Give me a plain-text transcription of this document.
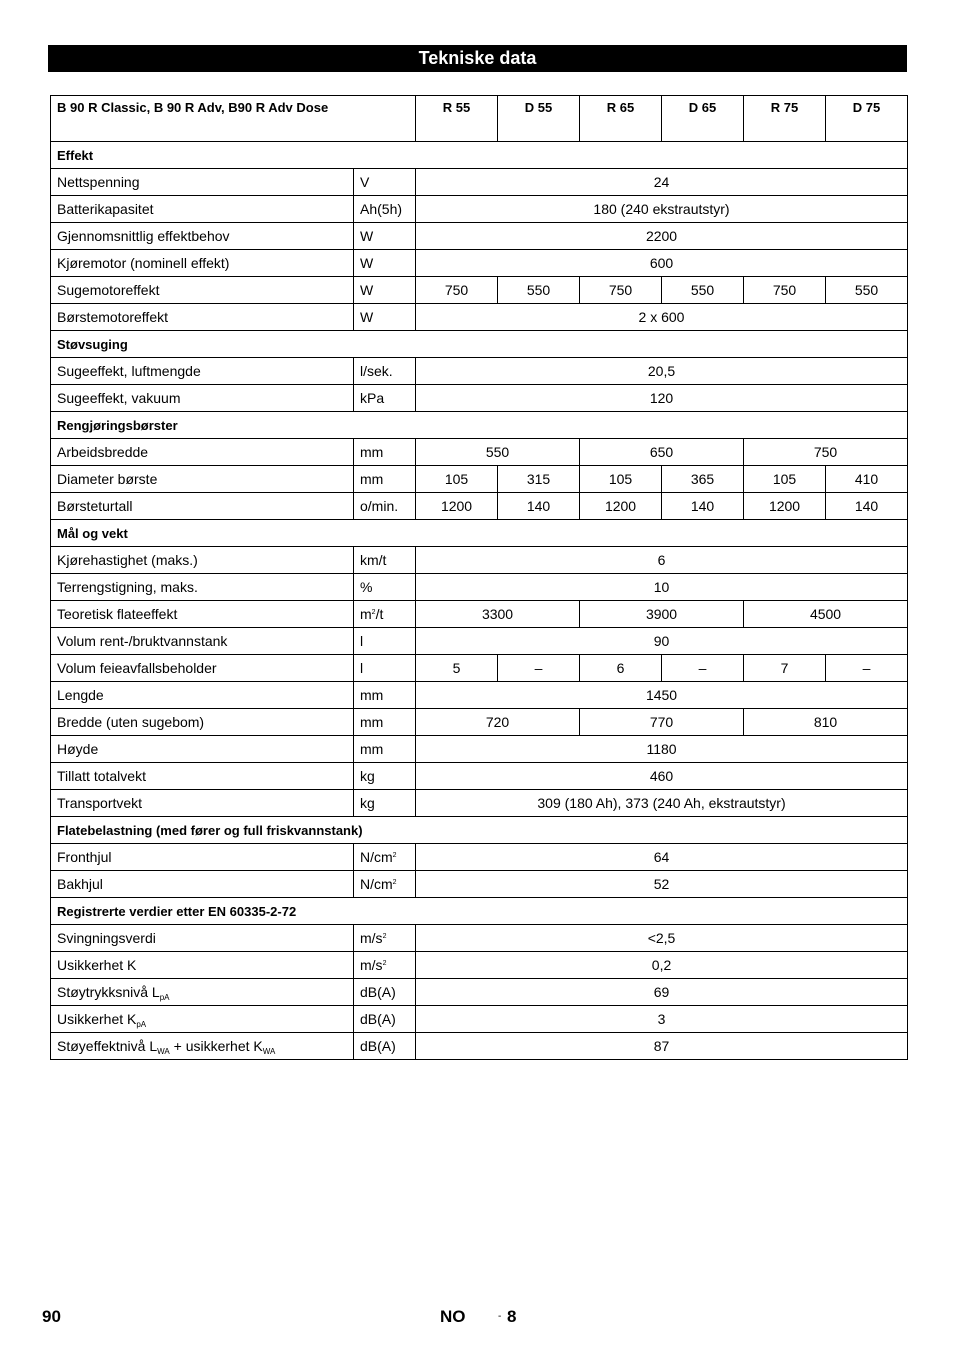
Tekniske data
B 90 R Classic, B 90 R Adv, B90 R Adv Dose		R 55	D 55	R 65	D 65	R 75	D 75
Effekt							
Nettspenning	V	24					
Batterikapasitet	Ah(5h)	180 (240 ekstrautstyr)					
Gjennomsnittlig effektbehov	W	2200					
Kjøremotor (nominell effekt)	W	600					
Sugemotoreffekt	W	750	550	750	550	750	550
Børstemotoreffekt	W	2 x 600					
Støvsuging							
Sugeeffekt, luftmengde	l/sek.	20,5					
Sugeeffekt, vakuum	kPa	120					
Rengjøringsbørster							
Arbeidsbredde	mm	550		650		750	
Diameter børste	mm	105	315	105	365	105	410
Børsteturtall	o/min.	1200	140	1200	140	1200	140
Mål og vekt							
Kjørehastighet (maks.)	km/t	6					
Terrengstigning, maks.	%	10					
Teoretisk flateeffekt	$m^2/t$	3300		3900		4500	
Volum rent-/bruktvannstank	l	90					
Volum feieavfallsbeholder	l	5	–	6	–	7	–
Lengde	mm	1450					
Bredde (uten sugebom)	mm	720		770		810	
Høyde	mm	1180					
Tillatt totalvekt	kg	460					
Transportvekt	kg	309 (180 Ah), 373 (240 Ah, ekstrautstyr)					
Flatebelastning (med fører og full friskvannstank)							
Fronthjul	$N/cm^2$	64					
Bakhjul	$N/cm^2$	52					
Registrerte verdier etter EN 60335-2-72							
Svingningsverdi	$m/s^2$	<2,5					
Usikkerhet K	$m/s^2$	0,2					
Støytrykksnivå $L_{pA}$	dB(A)	69					
Usikkerhet $K_{pA}$	dB(A)	3					
Støyeffektnivå $L_{WA}$ + usikkerhet $K_{WA}$	dB(A)	87					
90	NO	- 8
